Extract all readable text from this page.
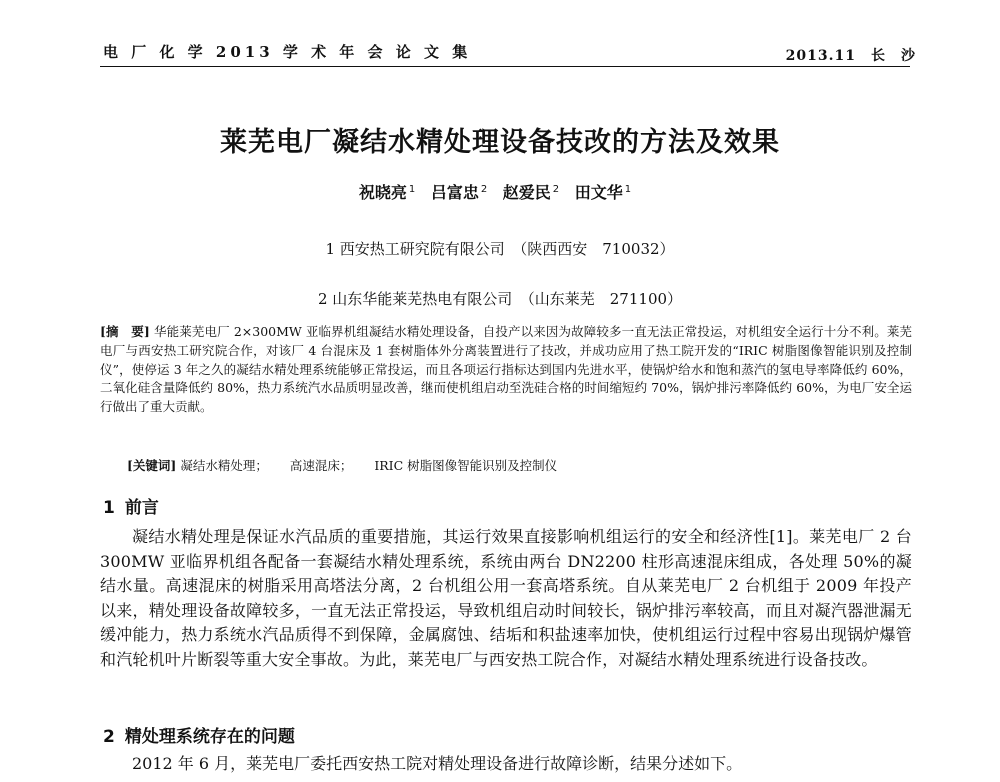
电 厂 化 学 2013 学 术 年 会 论 文 集	2013.11　长　沙
莱芜电厂凝结水精处理设备技改的方法及效果
祝晓亮 $^1$ 吕富忠 $^2$ 赵爱民 $^2$ 田文华 $^1$
1 西安热工研究院有限公司　（陕西西安　710032）
2 山东华能莱芜热电有限公司　（山东莱芜　271100）
[摘　要] 华能莱芜电厂 2×300MW 亚临界机组凝结水精处理设备，自投产以来因为故障较多一直无法正常投运，对机组安全运行十分不利。莱芜电厂与西安热工研究院合作，对该厂 4 台混床及 1 套树脂体外分离装置进行了技改，并成功应用了热工院开发的“IRIC 树脂图像智能识别及控制仪”，使停运 3 年之久的凝结水精处理系统能够正常投运，而且各项运行指标达到国内先进水平，使锅炉给水和饱和蒸汽的氢电导率降低约 60%，二氧化硅含量降低约 80%，热力系统汽水品质明显改善，继而使机组启动至洗硅合格的时间缩短约 70%，锅炉排污率降低约 60%，为电厂安全运行做出了重大贡献。
[关键词] 凝结水精处理； 高速混床； IRIC 树脂图像智能识别及控制仪
1 前言
凝结水精处理是保证水汽品质的重要措施，其运行效果直接影响机组运行的安全和经济性[1]。莱芜电厂 2 台 300MW 亚临界机组各配备一套凝结水精处理系统，系统由两台 DN2200 柱形高速混床组成，各处理 50%的凝结水量。高速混床的树脂采用高塔法分离，2 台机组公用一套高塔系统。自从莱芜电厂 2 台机组于 2009 年投产以来，精处理设备故障较多，一直无法正常投运，导致机组启动时间较长，锅炉排污率较高，而且对凝汽器泄漏无缓冲能力，热力系统水汽品质得不到保障，金属腐蚀、结垢和积盐速率加快，使机组运行过程中容易出现锅炉爆管和汽轮机叶片断裂等重大安全事故。为此，莱芜电厂与西安热工院合作，对凝结水精处理系统进行设备技改。
2 精处理系统存在的问题
2012 年 6 月，莱芜电厂委托西安热工院对精处理设备进行故障诊断，结果分述如下。
